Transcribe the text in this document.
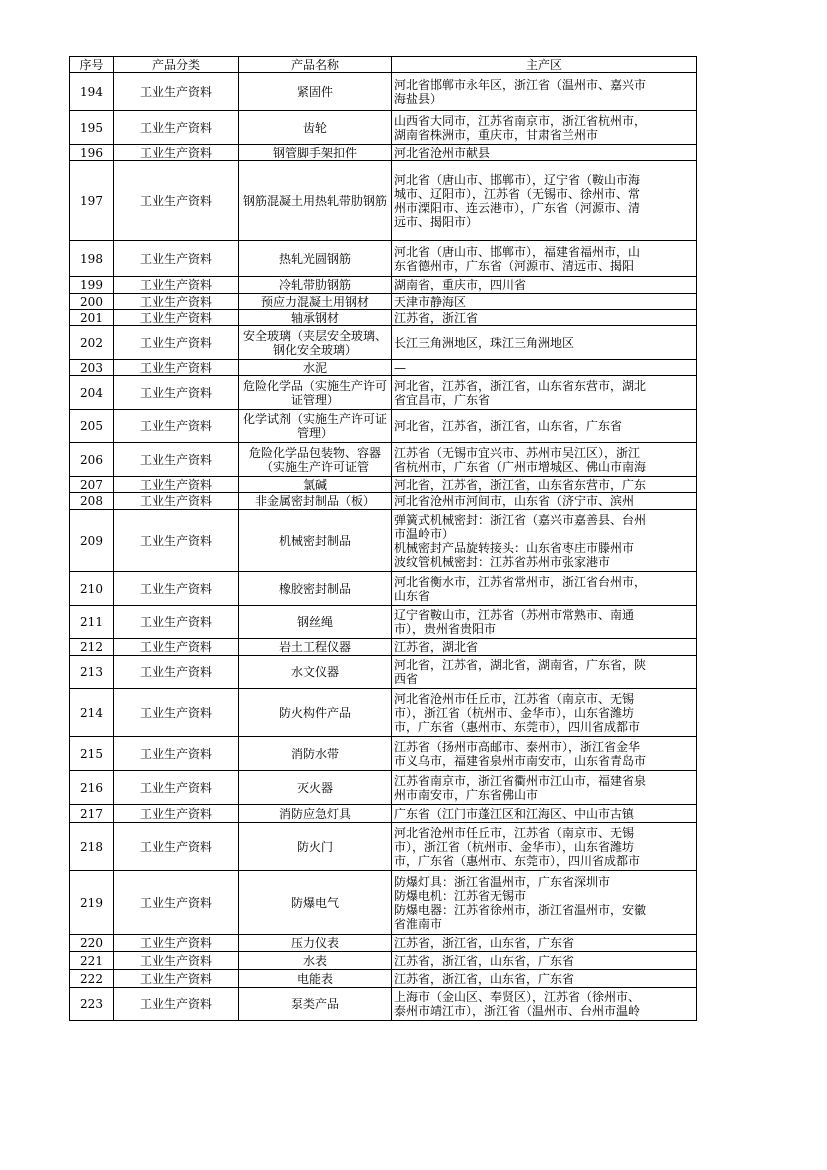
序号	产品分类	产品名称	主产区

194	工业生产资料	紧固件	河北省邯郸市永年区，浙江省（温州市、嘉兴市
海盐县）

195	工业生产资料	齿轮	山西省大同市，江苏省南京市，浙江省杭州市，
湖南省株洲市，重庆市，甘肃省兰州市

196	工业生产资料	钢管脚手架扣件	河北省沧州市献县

197	工业生产资料	钢筋混凝土用热轧带肋钢筋	河北省（唐山市、邯郸市），辽宁省（鞍山市海
城市、辽阳市），江苏省（无锡市、徐州市、常
州市溧阳市、连云港市），广东省（河源市、清
远市、揭阳市）

198	工业生产资料	热轧光圆钢筋	河北省（唐山市、邯郸市），福建省福州市，山
东省德州市，广东省（河源市、清远市、揭阳

199	工业生产资料	冷轧带肋钢筋	湖南省，重庆市，四川省

200	工业生产资料	预应力混凝土用钢材	天津市静海区

201	工业生产资料	轴承钢材	江苏省，浙江省

202	工业生产资料	安全玻璃（夹层安全玻璃、钢化安全玻璃）	长江三角洲地区，珠江三角洲地区

203	工业生产资料	水泥	—

204	工业生产资料	危险化学品（实施生产许可证管理）	河北省，江苏省，浙江省，山东省东营市，湖北
省宜昌市，广东省

205	工业生产资料	化学试剂（实施生产许可证管理）	河北省，江苏省，浙江省，山东省，广东省

206	工业生产资料	危险化学品包装物、容器（实施生产许可证管	江苏省（无锡市宜兴市、苏州市吴江区），浙江
省杭州市，广东省（广州市增城区、佛山市南海

207	工业生产资料	氯碱	河北省，江苏省，浙江省，山东省东营市，广东

208	工业生产资料	非金属密封制品（板）	河北省沧州市河间市，山东省（济宁市、滨州

209	工业生产资料	机械密封制品	弹簧式机械密封：浙江省（嘉兴市嘉善县、台州
市温岭市）
机械密封产品旋转接头：山东省枣庄市滕州市
波纹管机械密封：江苏省苏州市张家港市

210	工业生产资料	橡胶密封制品	河北省衡水市，江苏省常州市，浙江省台州市，
山东省

211	工业生产资料	钢丝绳	辽宁省鞍山市，江苏省（苏州市常熟市、南通
市），贵州省贵阳市

212	工业生产资料	岩土工程仪器	江苏省，湖北省

213	工业生产资料	水文仪器	河北省，江苏省，湖北省，湖南省，广东省，陕
西省

214	工业生产资料	防火构件产品	河北省沧州市任丘市，江苏省（南京市、无锡
市），浙江省（杭州市、金华市），山东省潍坊
市，广东省（惠州市、东莞市），四川省成都市

215	工业生产资料	消防水带	江苏省（扬州市高邮市、泰州市），浙江省金华
市义乌市，福建省泉州市南安市，山东省青岛市

216	工业生产资料	灭火器	江苏省南京市，浙江省衢州市江山市，福建省泉
州市南安市，广东省佛山市

217	工业生产资料	消防应急灯具	广东省（江门市蓬江区和江海区、中山市古镇

218	工业生产资料	防火门	河北省沧州市任丘市，江苏省（南京市、无锡
市），浙江省（杭州市、金华市），山东省潍坊
市，广东省（惠州市、东莞市），四川省成都市

219	工业生产资料	防爆电气	防爆灯具：浙江省温州市，广东省深圳市
防爆电机：江苏省无锡市
防爆电器：江苏省徐州市，浙江省温州市，安徽
省淮南市

220	工业生产资料	压力仪表	江苏省，浙江省，山东省，广东省

221	工业生产资料	水表	江苏省，浙江省，山东省，广东省

222	工业生产资料	电能表	江苏省，浙江省，山东省，广东省

223	工业生产资料	泵类产品	上海市（金山区、奉贤区），江苏省（徐州市、
泰州市靖江市），浙江省（温州市、台州市温岭
